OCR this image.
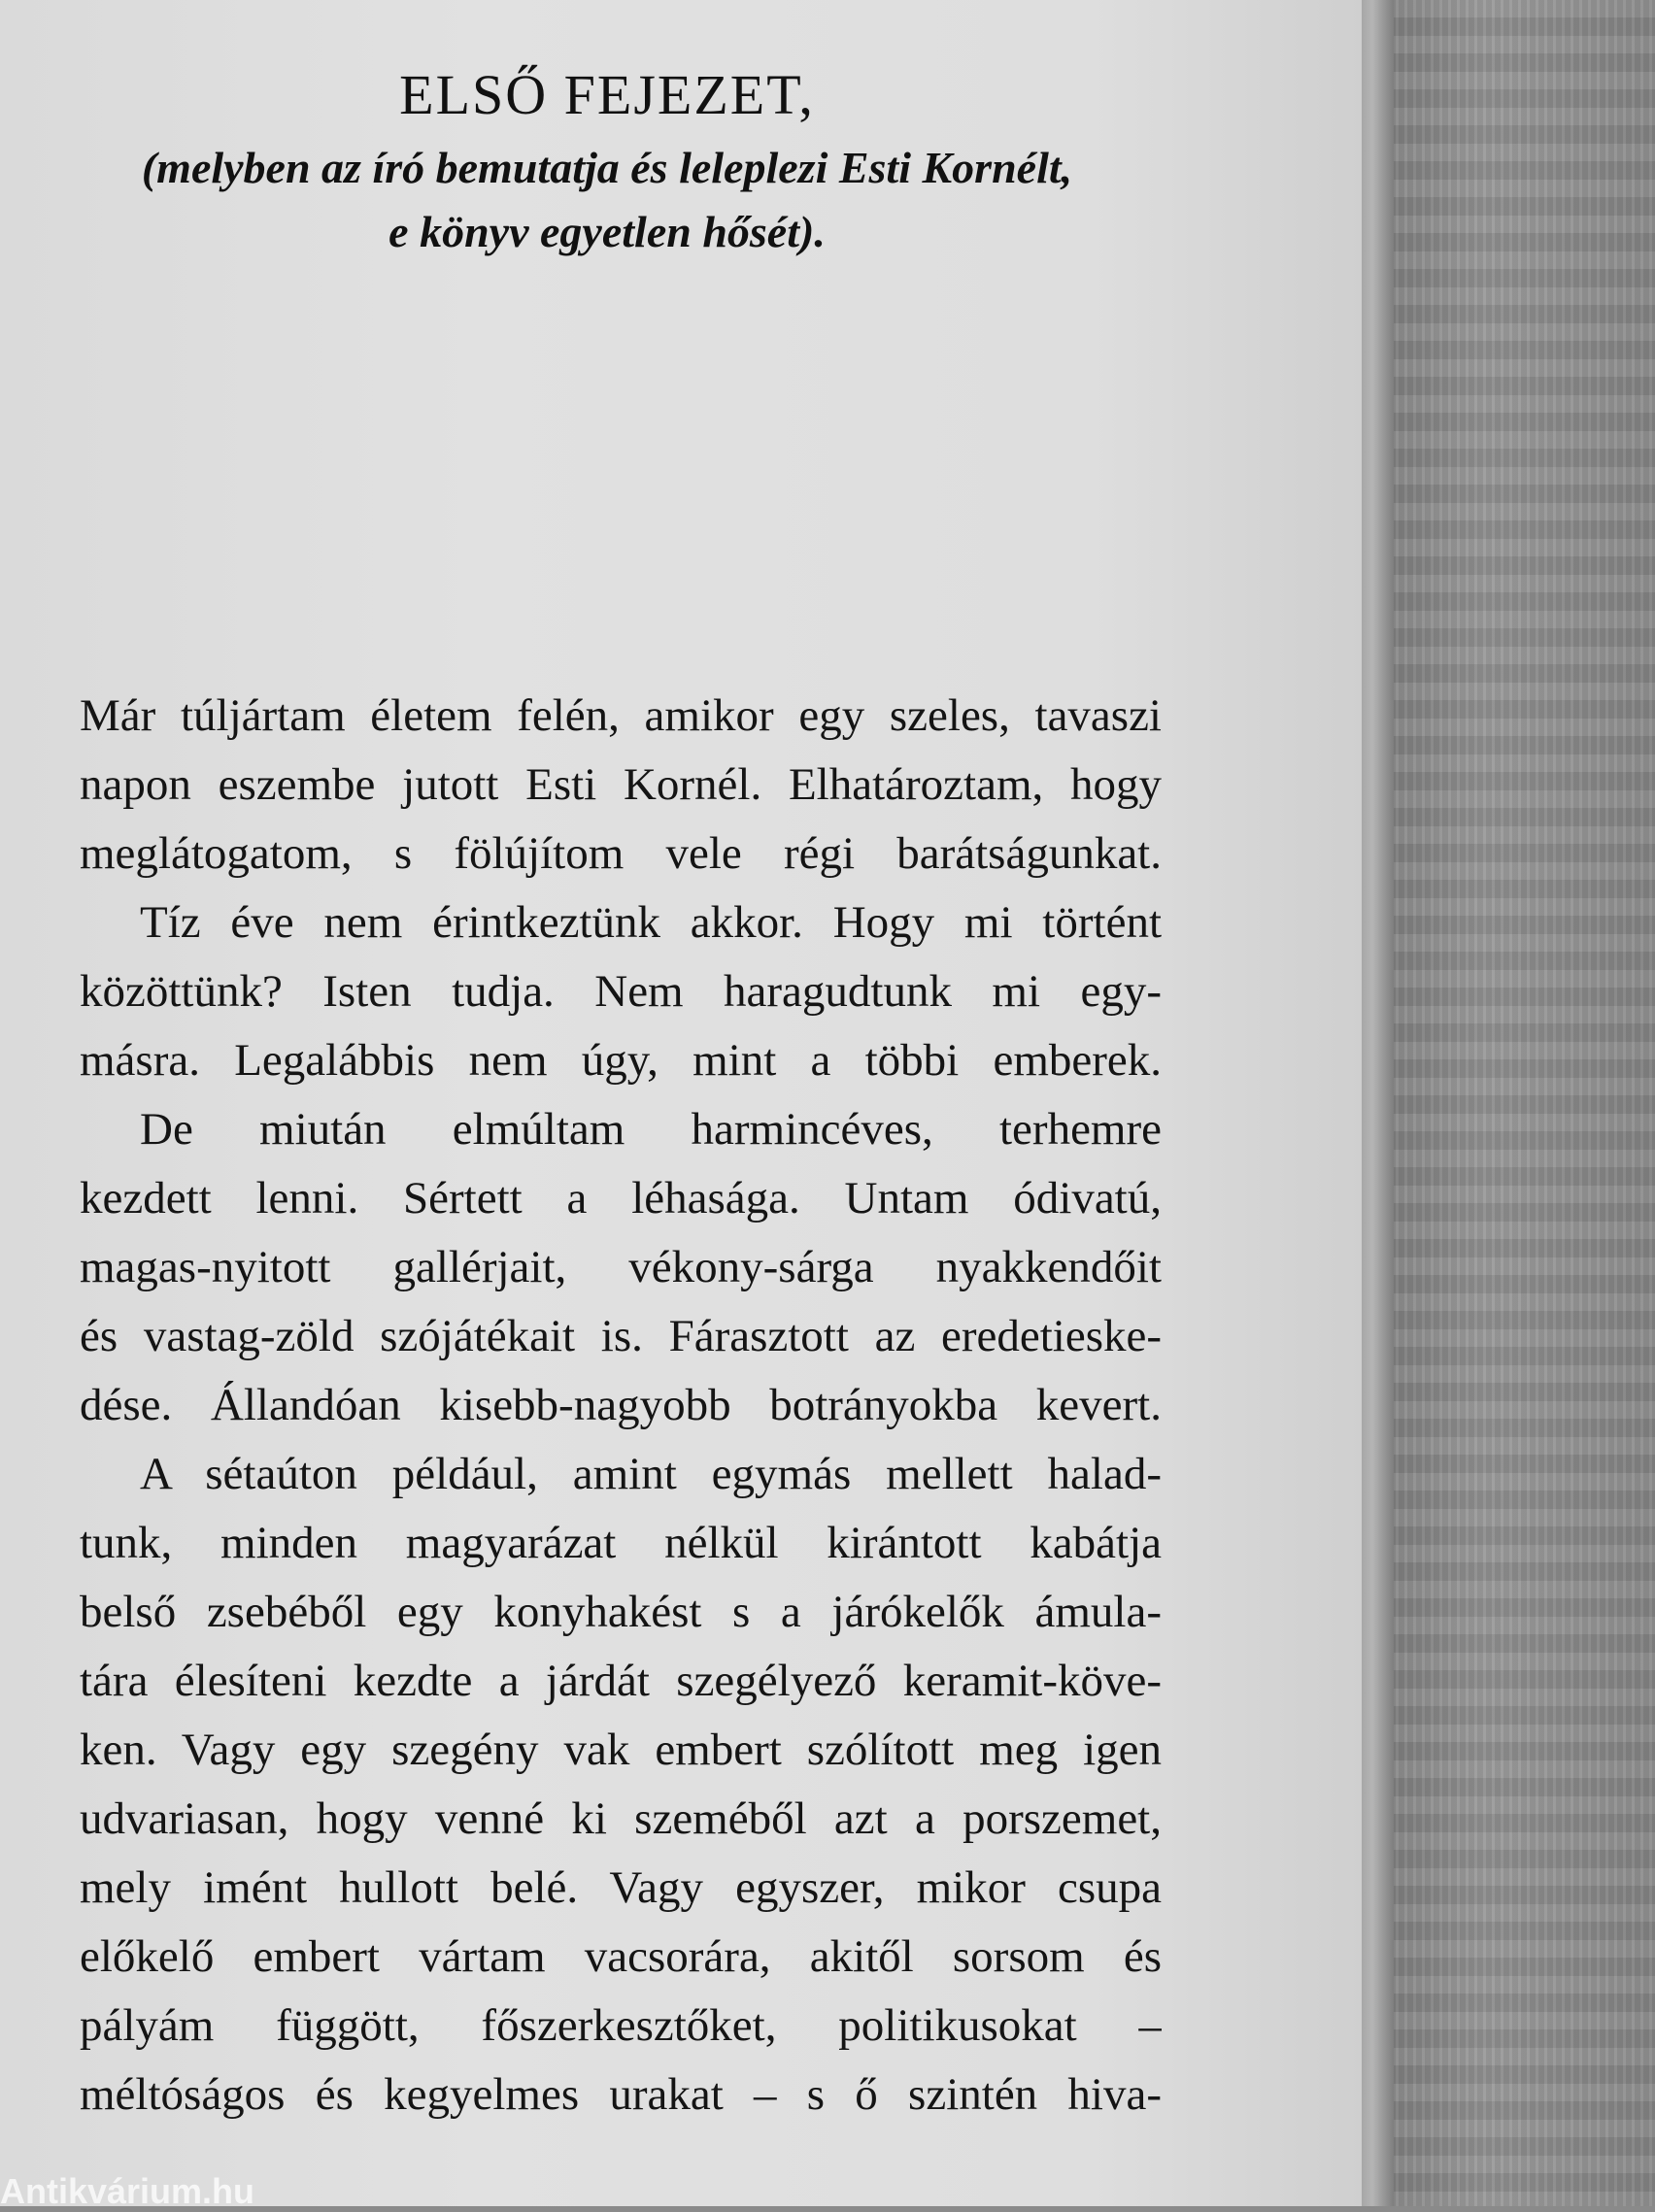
ELSŐ FEJEZET,
(melyben az író bemutatja és leleplezi Esti Kornélt,
e könyv egyetlen hősét).
Már túljártam életem felén, amikor egy szeles, tavaszi
napon eszembe jutott Esti Kornél. Elhatároztam, hogy
meglátogatom, s fölújítom vele régi barátságunkat.
Tíz éve nem érintkeztünk akkor. Hogy mi történt
közöttünk? Isten tudja. Nem haragudtunk mi egy-
másra. Legalábbis nem úgy, mint a többi emberek.
De miután elmúltam harmincéves, terhemre
kezdett lenni. Sértett a léhasága. Untam ódivatú,
magas-nyitott gallérjait, vékony-sárga nyakkendőit
és vastag-zöld szójátékait is. Fárasztott az eredetieske-
dése. Állandóan kisebb-nagyobb botrányokba kevert.
A sétaúton például, amint egymás mellett halad-
tunk, minden magyarázat nélkül kirántott kabátja
belső zsebéből egy konyhakést s a járókelők ámula-
tára élesíteni kezdte a járdát szegélyező keramit-köve-
ken. Vagy egy szegény vak embert szólított meg igen
udvariasan, hogy venné ki szeméből azt a porszemet,
mely imént hullott belé. Vagy egyszer, mikor csupa
előkelő embert vártam vacsorára, akitől sorsom és
pályám függött, főszerkesztőket, politikusokat –
méltóságos és kegyelmes urakat – s ő szintén hiva-
Antikvárium.hu
